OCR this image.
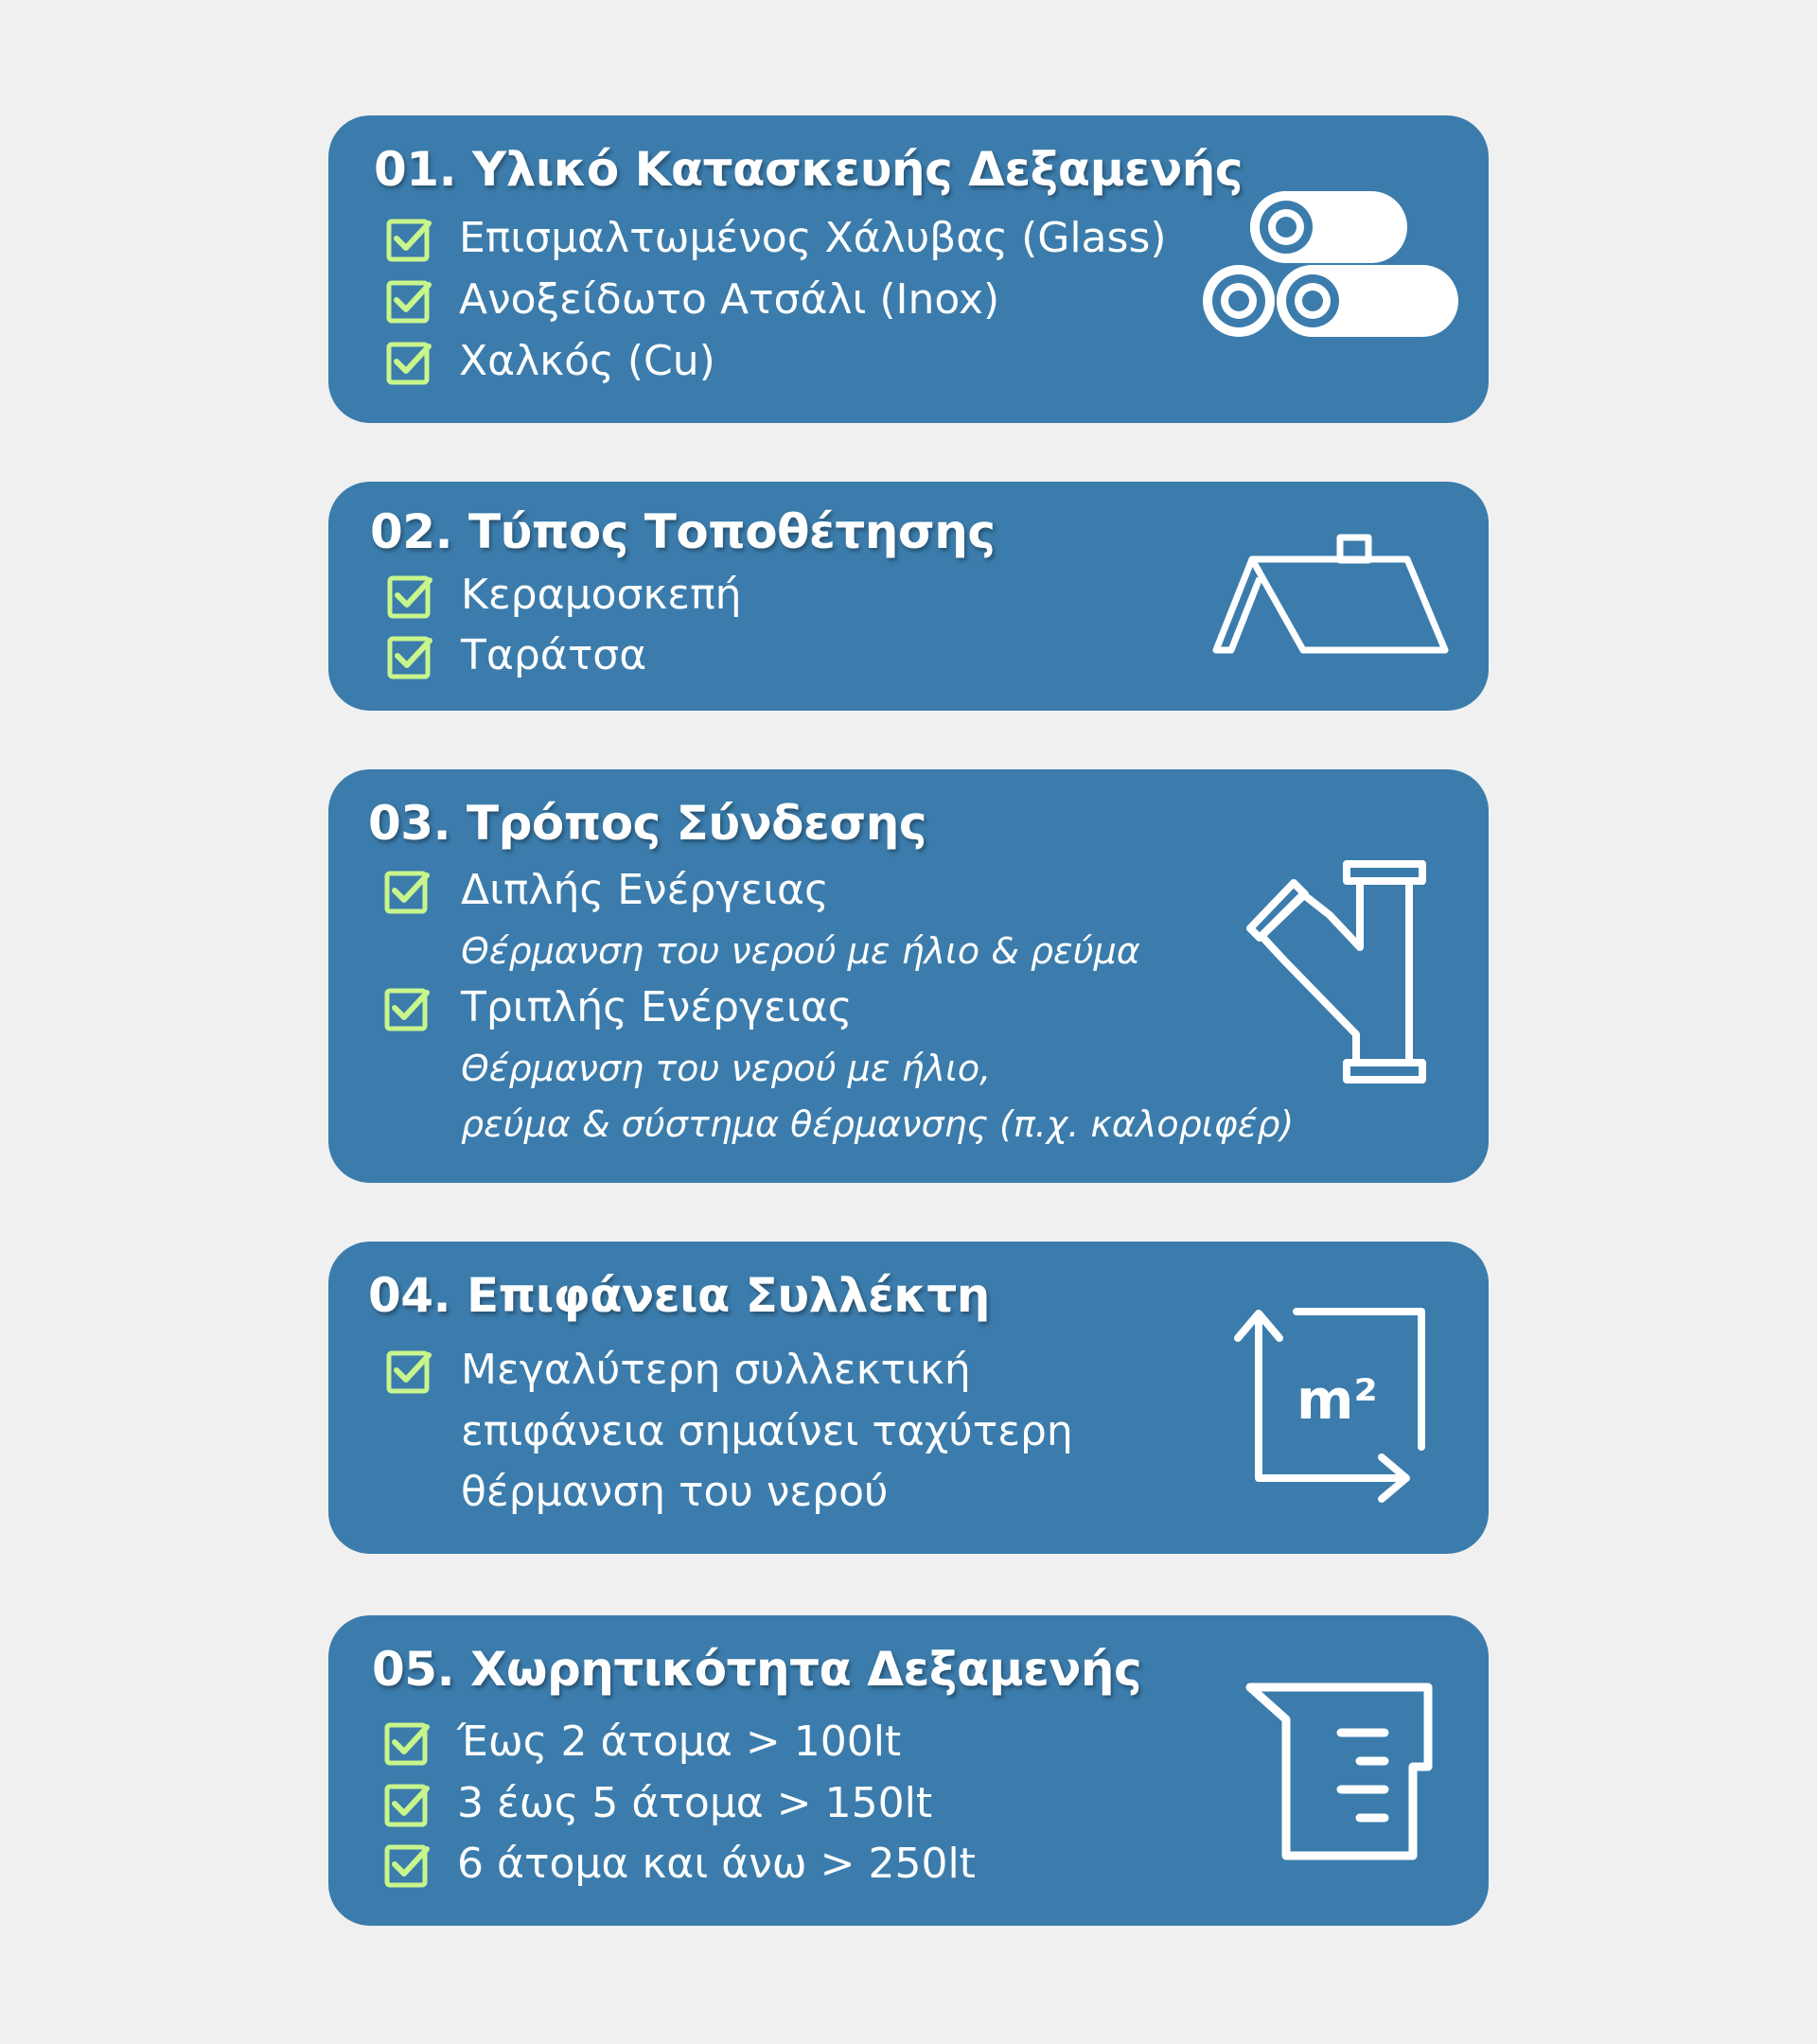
01. Υλικό Κατασκευής Δεξαμενής
Επισμαλτωμένος Χάλυβας (Glass)
Ανοξείδωτο Ατσάλι (Inox)
Χαλκός (Cu)
02. Τύπος Τοποθέτησης
Κεραμοσκεπή
Ταράτσα
03. Τρόπος Σύνδεσης
Διπλής Ενέργειας
Θέρμανση του νερού με ήλιο & ρεύμα
Τριπλής Ενέργειας
Θέρμανση του νερού με ήλιο,
ρεύμα & σύστημα θέρμανσης (π.χ. καλοριφέρ)
04. Επιφάνεια Συλλέκτη
Μεγαλύτερη συλλεκτική
επιφάνεια σημαίνει ταχύτερη
θέρμανση του νερού
m²
05. Χωρητικότητα Δεξαμενής
Έως 2 άτομα > 100lt
3 έως 5 άτομα > 150lt
6 άτομα και άνω > 250lt
